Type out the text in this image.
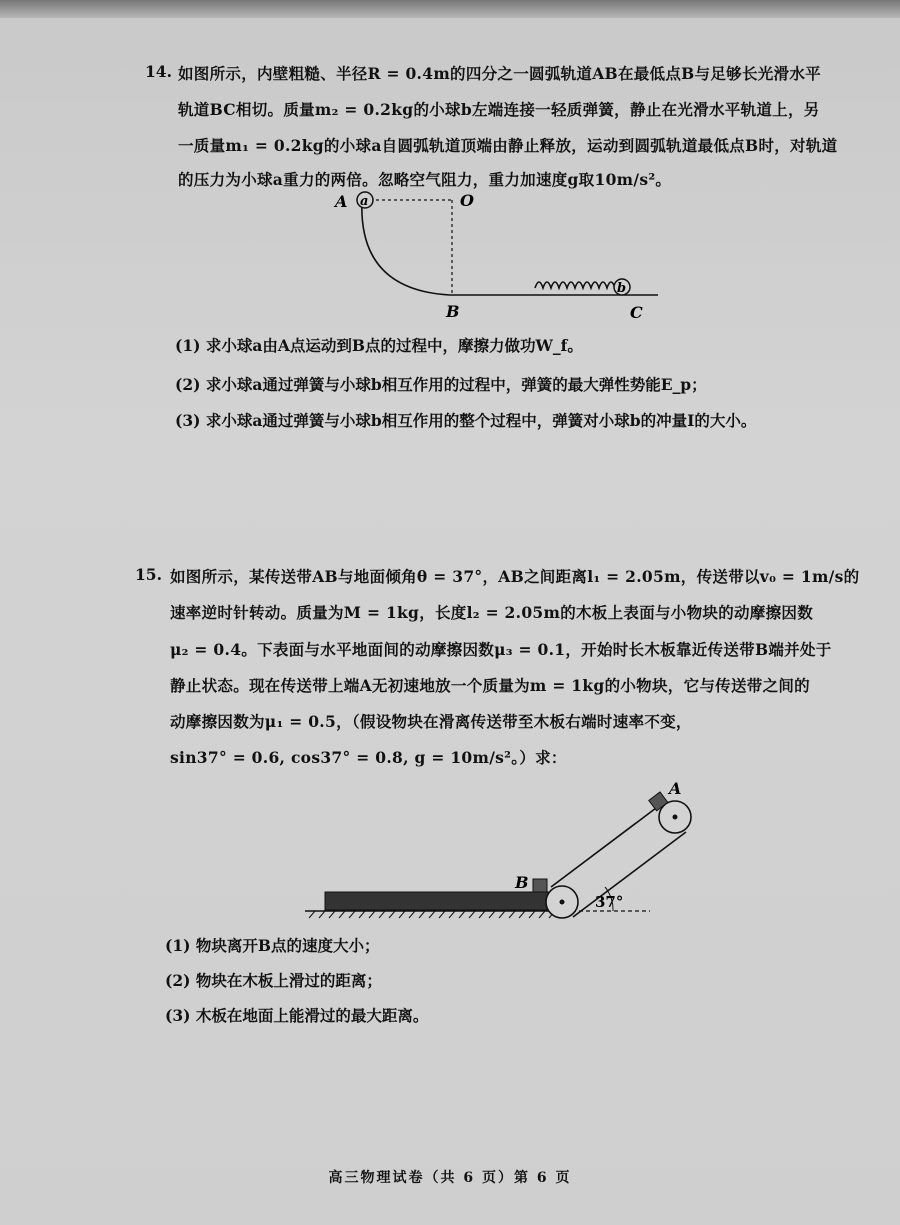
14. 如图所示，内壁粗糙、半径R = 0.4m的四分之一圆弧轨道AB在最低点B与足够长光滑水平
轨道BC相切。质量m₂ = 0.2kg的小球b左端连接一轻质弹簧，静止在光滑水平轨道上，另
一质量m₁ = 0.2kg的小球a自圆弧轨道顶端由静止释放，运动到圆弧轨道最低点B时，对轨道
的压力为小球a重力的两倍。忽略空气阻力，重力加速度g取10m/s²。
a
A	O
B	C
b
(1) 求小球a由A点运动到B点的过程中，摩擦力做功W_f。
(2) 求小球a通过弹簧与小球b相互作用的过程中，弹簧的最大弹性势能E_p；
(3) 求小球a通过弹簧与小球b相互作用的整个过程中，弹簧对小球b的冲量I的大小。
15. 如图所示，某传送带AB与地面倾角θ = 37°，AB之间距离l₁ = 2.05m，传送带以v₀ = 1m/s的
速率逆时针转动。质量为M = 1kg，长度l₂ = 2.05m的木板上表面与小物块的动摩擦因数
μ₂ = 0.4。下表面与水平地面间的动摩擦因数μ₃ = 0.1，开始时长木板靠近传送带B端并处于
静止状态。现在传送带上端A无初速地放一个质量为m = 1kg的小物块，它与传送带之间的
动摩擦因数为μ₁ = 0.5，（假设物块在滑离传送带至木板右端时速率不变，
sin37° = 0.6, cos37° = 0.8, g = 10m/s²。）求：
B
A
37°
(1) 物块离开B点的速度大小；
(2) 物块在木板上滑过的距离；
(3) 木板在地面上能滑过的最大距离。
高三物理试卷（共 6 页）第 6 页
